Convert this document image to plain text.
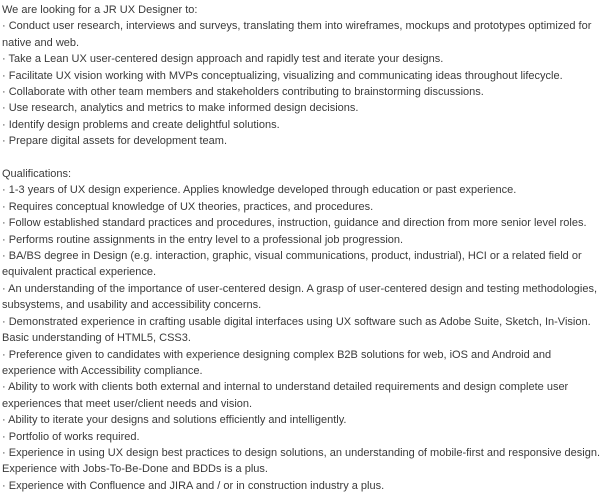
We are looking for a JR UX Designer to:

· Conduct user research, interviews and surveys, translating them into wireframes, mockups and prototypes optimized for native and web.

· Take a Lean UX user-centered design approach and rapidly test and iterate your designs.

· Facilitate UX vision working with MVPs conceptualizing, visualizing and communicating ideas throughout lifecycle.

· Collaborate with other team members and stakeholders contributing to brainstorming discussions.

· Use research, analytics and metrics to make informed design decisions.

· Identify design problems and create delightful solutions.

· Prepare digital assets for development team.

Qualifications:

· 1-3 years of UX design experience. Applies knowledge developed through education or past experience.

· Requires conceptual knowledge of UX theories, practices, and procedures.

· Follow established standard practices and procedures, instruction, guidance and direction from more senior level roles.

· Performs routine assignments in the entry level to a professional job progression.

· BA/BS degree in Design (e.g. interaction, graphic, visual communications, product, industrial), HCI or a related field or equivalent practical experience.

· An understanding of the importance of user-centered design. A grasp of user-centered design and testing methodologies, subsystems, and usability and accessibility concerns.

· Demonstrated experience in crafting usable digital interfaces using UX software such as Adobe Suite, Sketch, In-Vision. Basic understanding of HTML5, CSS3.

· Preference given to candidates with experience designing complex B2B solutions for web, iOS and Android and experience with Accessibility compliance.

· Ability to work with clients both external and internal to understand detailed requirements and design complete user experiences that meet user/client needs and vision.

· Ability to iterate your designs and solutions efficiently and intelligently.

· Portfolio of works required.

· Experience in using UX design best practices to design solutions, an understanding of mobile-first and responsive design. Experience with Jobs-To-Be-Done and BDDs is a plus.

· Experience with Confluence and JIRA and / or in construction industry a plus.
